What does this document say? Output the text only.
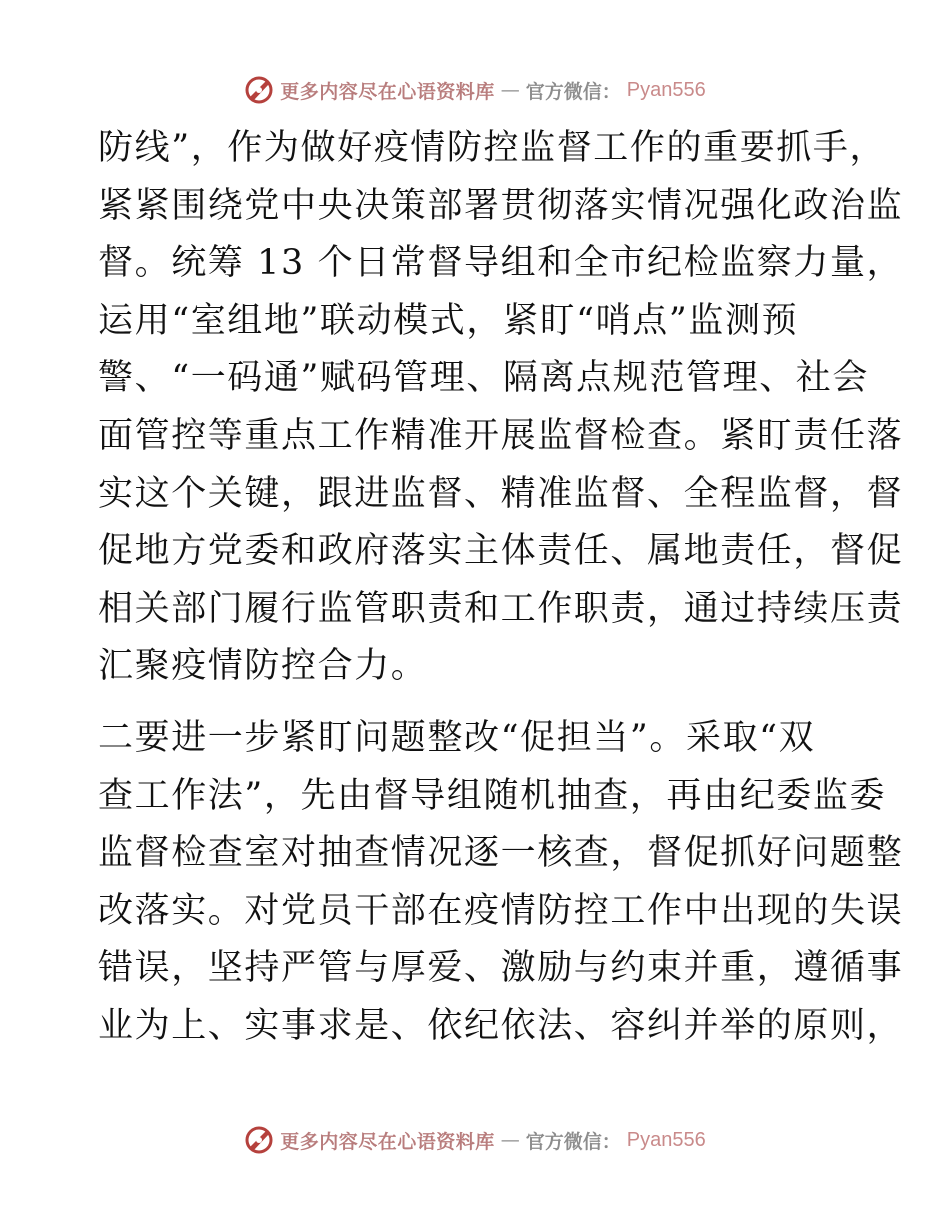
更多内容尽在心语资料库 — 官方微信： Pyan556
防线”，作为做好疫情防控监督工作的重要抓手，
紧紧围绕党中央决策部署贯彻落实情况强化政治监
督。统筹 13 个日常督导组和全市纪检监察力量，
运用“室组地”联动模式，紧盯“哨点”监测预
警、“一码通”赋码管理、隔离点规范管理、社会
面管控等重点工作精准开展监督检查。紧盯责任落
实这个关键，跟进监督、精准监督、全程监督，督
促地方党委和政府落实主体责任、属地责任，督促
相关部门履行监管职责和工作职责，通过持续压责
汇聚疫情防控合力。
二要进一步紧盯问题整改“促担当”。采取“双
查工作法”，先由督导组随机抽查，再由纪委监委
监督检查室对抽查情况逐一核查，督促抓好问题整
改落实。对党员干部在疫情防控工作中出现的失误
错误，坚持严管与厚爱、激励与约束并重，遵循事
业为上、实事求是、依纪依法、容纠并举的原则，
更多内容尽在心语资料库 — 官方微信： Pyan556
